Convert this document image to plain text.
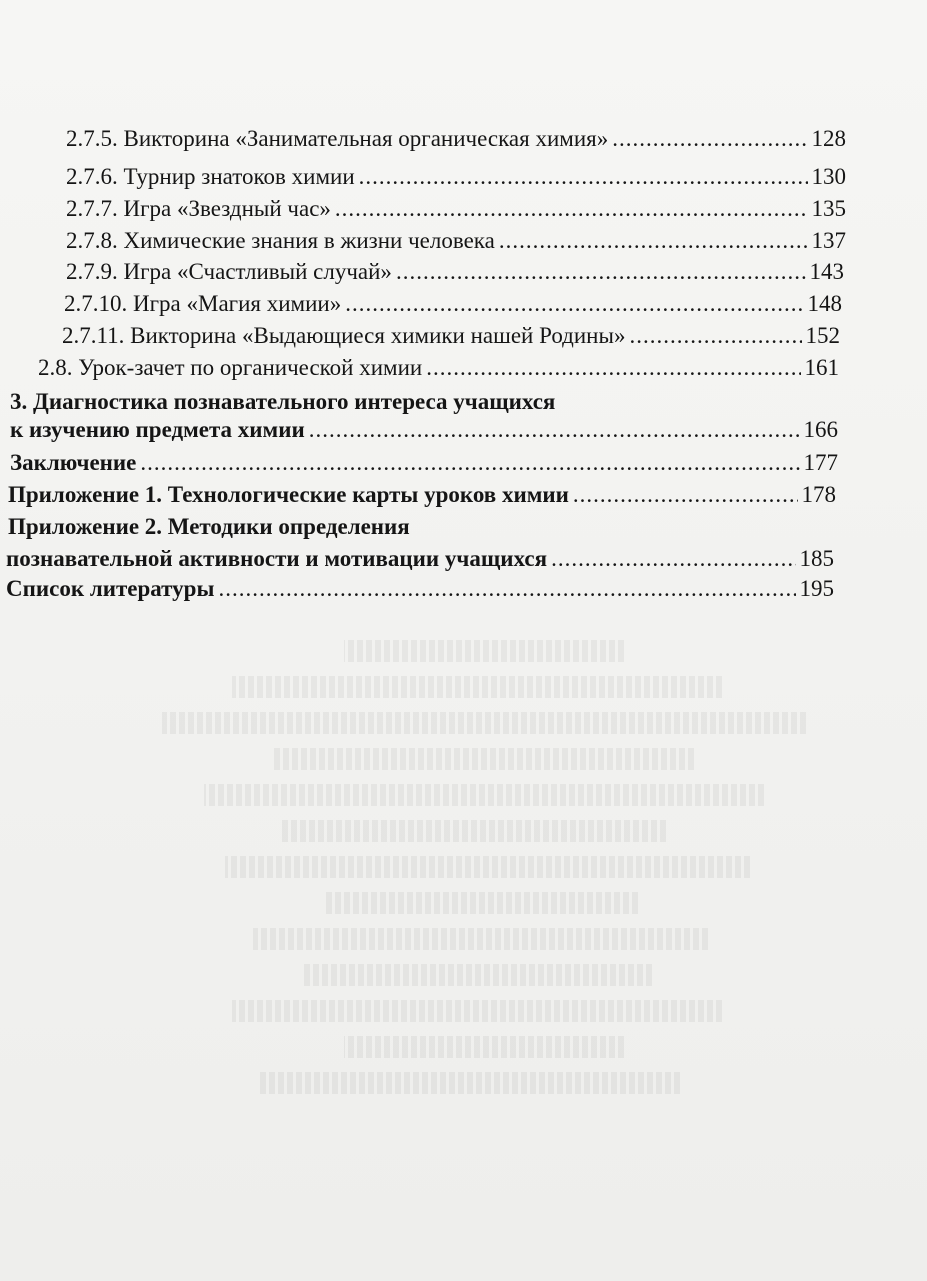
2.7.5. Викторина «Занимательная органическая химия» .....	128
2.7.6. Турнир знатоков химии .....	130
2.7.7. Игра «Звездный час» .....	135
2.7.8. Химические знания в жизни человека .....	137
2.7.9. Игра «Счастливый случай» .....	143
2.7.10. Игра «Магия химии» .....	148
2.7.11. Викторина «Выдающиеся химики нашей Родины» .....	152
2.8. Урок-зачет по органической химии .....	161
3. Диагностика познавательного интереса учащихся
к изучению предмета химии .....	166
Заключение .....	177
Приложение 1. Технологические карты уроков химии .....	178
Приложение 2. Методики определения
познавательной активности и мотивации учащихся .....	185
Список литературы .....	195
